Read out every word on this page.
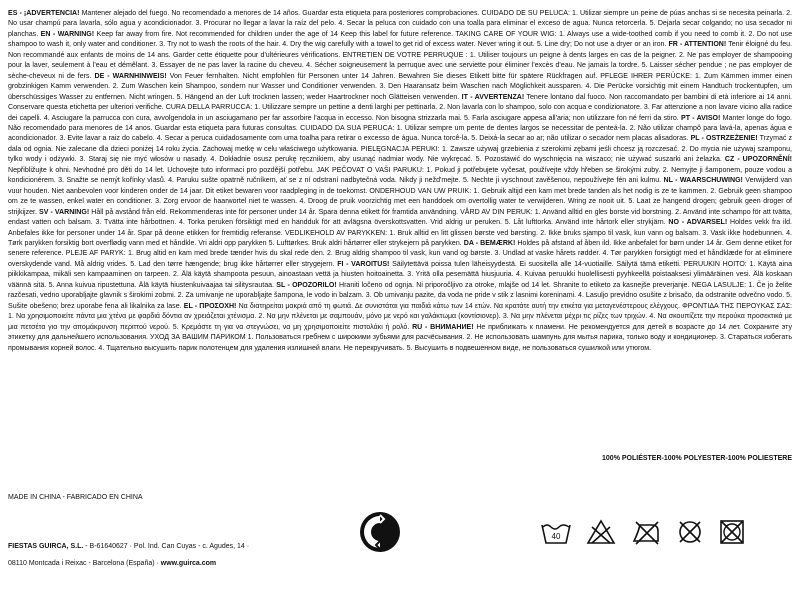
ES - ¡ADVERTENCIA! Mantener alejado del fuego. No recomendado a menores de 14 años. Guardar esta etiqueta para posteriores comprobaciones. CUIDADO DE SU PELUCA: 1. Utilizar siempre un peine de púas anchas si se necesita peinarla. 2. No usar champú para lavarla, sólo agua y acondicionador. 3. Procurar no llegar a lavar la raíz del pelo. 4. Secar la peluca con cuidado con una toalla para eliminar el exceso de agua. Nunca retorcerla. 5. Dejarla secar colgando; no usa secador ni planchas. EN - WARNING! Keep far away from fire. Not recommended for children under the age of 14 Keep this label for future reference. TAKING CARE OF YOUR WIG: 1. Always use a wide-toothed comb if you need to comb it. 2. Do not use shampoo to wash it, only water and conditioner. 3. Try not to wash the roots of the hair. 4. Dry the wig carefully with a towel to get rid of excess water. Never wring it out. 5. Line dry; Do not use a dryer or an iron. FR - ATTENTION! Tenir éloigné du feu. Non recommandé aux enfants de moins de 14 ans. Garder cette étiquette pour d'ultérieures vérifications. ENTRETIEN DE VOTRE PERRUQUE : 1. Utiliser toujours un peigne à dents larges en cas de la peigner. 2. Ne pas employer de shampooing pour la laver, seulement à l'eau et démêlant. 3. Essayer de ne pas laver la racine du cheveu. 4. Sécher soigneusement la perruque avec une serviette pour éliminer l'excès d'eau. Ne jamais la tordre. 5. Laisser sécher pendue ; ne pas employer de sèche-cheveux ni de fers. DE - WARNHINWEIS! Von Feuer fernhalten. Nicht empfohlen für Personen unter 14 Jahren. Bewahren Sie dieses Etikett bitte für spätere Rückfragen auf. PFLEGE IHRER PERÜCKE: 1. Zum Kämmen immer einen grobzinkigen Kamm verwenden. 2. Zum Waschen kein Shampoo, sondern nur Wasser und Conditioner verwenden. 3. Den Haaransatz beim Waschen nach Möglichkeit aussparen. 4. Die Perücke vorsichtig mit einem Handtuch trockentupfen, um überschüssiges Wasser zu entfernen. Nicht wringen. 5. Hängend an der Luft trocknen lassen; weder Haartrockner noch Glätteisen verwenden. IT - AVVERTENZA! Tenere lontano dal fuoco. Non raccomandato per bambini di età inferiore ai 14 anni. Conservare questa etichetta per ulteriori verifiche. CURA DELLA PARRUCCA: 1. Utilizzare sempre un pettine a denti larghi per pettinarla. 2. Non lavarla con lo shampoo, solo con acqua e condizionatore. 3. Far attenzione a non lavare vicino alla radice dei capelli. 4. Asciugare la parrucca con cura, avvolgendola in un asciugamano per far assorbire l'acqua in eccesso. Non bisogna strizzarla mai. 5. Farla asciugare appesa all'aria; non utilizzare fon né ferri da stiro. PT - AVISO! Manter longe do fogo. Não recomendado para menores de 14 anos. Guardar esta etiqueta para futuras consultas. CUIDADO DA SUA PERUCA: 1. Utilizar sempre um pente de dentes largos se necessitar de penteá-la. 2. Não utilizar champô para lavá-la, apenas água e acondicionador. 3. Evite lavar a raiz do cabelo. 4. Secar a peruca cuidadosamente com uma toalha para retirar o excesso de água. Nunca torcê-la. 5. Deixá-la secar ao ar; não utilizar o secador nem placas alisadoras. PL - OSTRZEŻENIE! Trzymać z dala od ognia. Nie zalecane dla dzieci poniżej 14 roku życia. Zachowaj metkę w celu właściwego użytkowania. PIELĘGNACJA PERUKI: 1. Zawsze używaj grzebienia z szerokimi zębami jeśli chcesz ją rozczesać. 2. Do mycia nie używaj szamponu, tylko wody i odżywki. 3. Staraj się nie myć włosów u nasady. 4. Dokładnie osusz perukę ręcznikiem, aby usunąć nadmiar wody. Nie wykręcać. 5. Pozostawić do wyschnięcia na wiszaco; nie używać suszarki ani żelazka. CZ - UPOZORNĚNÍ! Nepřibližujte k ohni. Nevhodné pro děti do 14 let. Uchovejte tuto informaci pro pozdější potřebu. JAK PEČOVAT O VAŠI PARUKU: 1. Pokud ji potřebujete vyčesat, používejte vždy hřeben se širokými zuby. 2. Nemyjte ji šamponem, pouze vodou a kondicionérem. 3. Snažte se nemýt kořínky vlasů. 4. Paruku sušte opatrně ručníkem, ať se z ní odstraní nadbytečná voda. Nikdy ji nežd'mejte. 5. Nechte ji vyschnout zavěšenou, nepoužívejte fén ani kulmu. NL - WAARSCHUWING! Verwijderd van vuur houden. Niet aanbevolen voor kinderen onder de 14 jaar. Dit etiket bewaren voor raadpleging in de toekomst. ONDERHOUD VAN UW PRUIK: 1. Gebruik altijd een kam met brede tanden als het nodig is ze te kammen. 2. Gebruik geen shampoo om ze te wassen, enkel water en conditioner. 3. Zorg ervoor de haarwortel niet te wassen. 4. Droog de pruik voorzichtig met een handdoek om overtollig water te verwijderen. Wring ze nooit uit. 5. Laat ze hangend drogen; gebruik geen droger of strijkijzer. SV - VARNING! Håll på avstånd från eld. Rekommenderas inte för personer under 14 år. Spara denna etikett för framtida användning. VÅRD AV DIN PERUK: 1. Använd alltid en gles borste vid borstning. 2. Använd inte schampo för att tvätta, endast vatten och balsam. 3. Tvätta inte hårbottnen. 4. Torka peruken försiktigt med en handduk för att avlägsna överskottsvatten. Vrid aldrig ur peruken. 5. Låt lufttorka. Använd inte hårtork eller strykjärn. NO - ADVARSEL! Holdes vekk fra ild. Anbefales ikke for personer under 14 år. Spar på denne etikken for fremtidig referanse. VEDLIKEHOLD AV PARYKKEN: 1. Bruk alltid en litt glissen børste ved børsting. 2. Ikke bruks sjampo til vask, kun vann og balsam. 3. Vask ikke hodebunnen. 4. Tørk parykken forsiktig bort overflødig vann med et håndkle. Vri aldri opp parykken 5. Lufttørkes. Bruk aldri hårtørrer eller strykejern på parykken. DA - BEMÆRK! Holdes på afstand af åben ild. Ikke anbefalet for børn under 14 år. Gem denne etiket for senere reference. PLEJE AF PARYK: 1. Brug altid en kam med brede tænder hvis du skal rede den. 2. Brug aldrig shampoo til vask, kun vand og børste. 3. Undlad at vaske hårets rødder. 4. Tør parykken forsigtigt med et håndklæde for at eliminere overskydende vand. Må aldrig vrides. 5. Lad den tørre hængende; brug ikke hårtørrer eller strygejern. FI - VAROITUS! Säilytettävä poissa tulen läheisyydestä. Ei suositella alle 14-vuotiaille. Säilytä tämä etiketti. PERUUKIN HOITO: 1. Käytä aina piikkikampaa, mikäli sen kampaaminen on tarpeen. 2. Älä käytä shampoota pesuun, ainoastaan vettä ja hiusten hoitoainetta. 3. Yritä olla pesemättä hiusjuuria. 4. Kuivaa peruukki huolellisesti pyyhkeellä poistaaksesi ylimääräinen vesi. Älä koskaan väännä sitä. 5. Anna kuivua ripustettuna. Älä käytä hiustenkuivaajaa tai silitysrautaa. SL - OPOZORILO! Hraniti ločeno od ognja. Ni priporočljivo za otroke, mlajše od 14 let. Shranite to etiketo za kasnejše preverjanje. NEGA LASULJE: 1. Če jo želite razčesati, vedno uporabljajte glavnik s širokimi zobmi. 2. Za umivanje ne uporabljajte šampona, le vodo in balzam. 3. Ob umivanju pazite, da voda ne pride v stik z lasnimi koreninami. 4. Lasuljo previdno osušite z brisačo, da odstranite odvečno vodo. 5. Sušite obešeno; brez uporabe fena ali likalnika za lase. EL - ΠΡΟΣΟΧΗ! Να διατηρείται μακριά από τη φωτιά. Δε συνιστάται για παιδιά κάτω των 14 ετών. Να κρατάτε αυτή την ετικέτα για μεταγενέστερους ελέγχους. ΦΡΟΝΤΙΔΑ ΤΗΣ ΠΕΡΟΥΚΑΣ ΣΑΣ: 1. Να χρησιμοποιείτε πάντα μια χτένα με φαρδιά δόντια αν χρειάζεται χτένισμα. 2. Να μην πλένεται με σαμπουάν, μόνο με νερό και γαλάκτωμα (κοντίσιονερ). 3. Να μην πλένεται μέχρι τις ρίζες των τριχών. 4. Να σκουπίζετε την περούκα προσεκτικά με μια πετσέτα για την απομάκρυνση περιττού νερού. 5. Κρεμάστε τη για να στεγνώσει, να μη χρησιμοποιείτε πιστολάκι ή ρολό. RU - ВНИМАНИЕ! Не приближать к пламени. Не рекомендуется для детей в возрасте до 14 лет. Сохраните эту этикетку для дальнейшего использования. УХОД ЗА ВАШИМ ПАРИКОМ 1. Пользоваться гребнем с широкими зубьями для расчёсывания. 2. Не использовать шампунь для мытья парика, только воду и кондиционер. 3. Стараться избегать промывания корней волос. 4. Тщательно высушить парик полотенцем для удаления излишней влаги. Не перекручивать. 5. Высушить в подвешенном виде, не пользоваться сушилкой или утюгом.
100% POLIÉSTER-100% POLYESTER-100% POLIESTERE
MADE IN CHINA - FABRICADO EN CHINA
FIESTAS GUIRCA, S.L. - B-61640627 · Pol. Ind. Can Cuyas - c. Agudes, 14 ·
08110 Montcada i Reixac - Barcelona (España) · www.guirca.com
40
